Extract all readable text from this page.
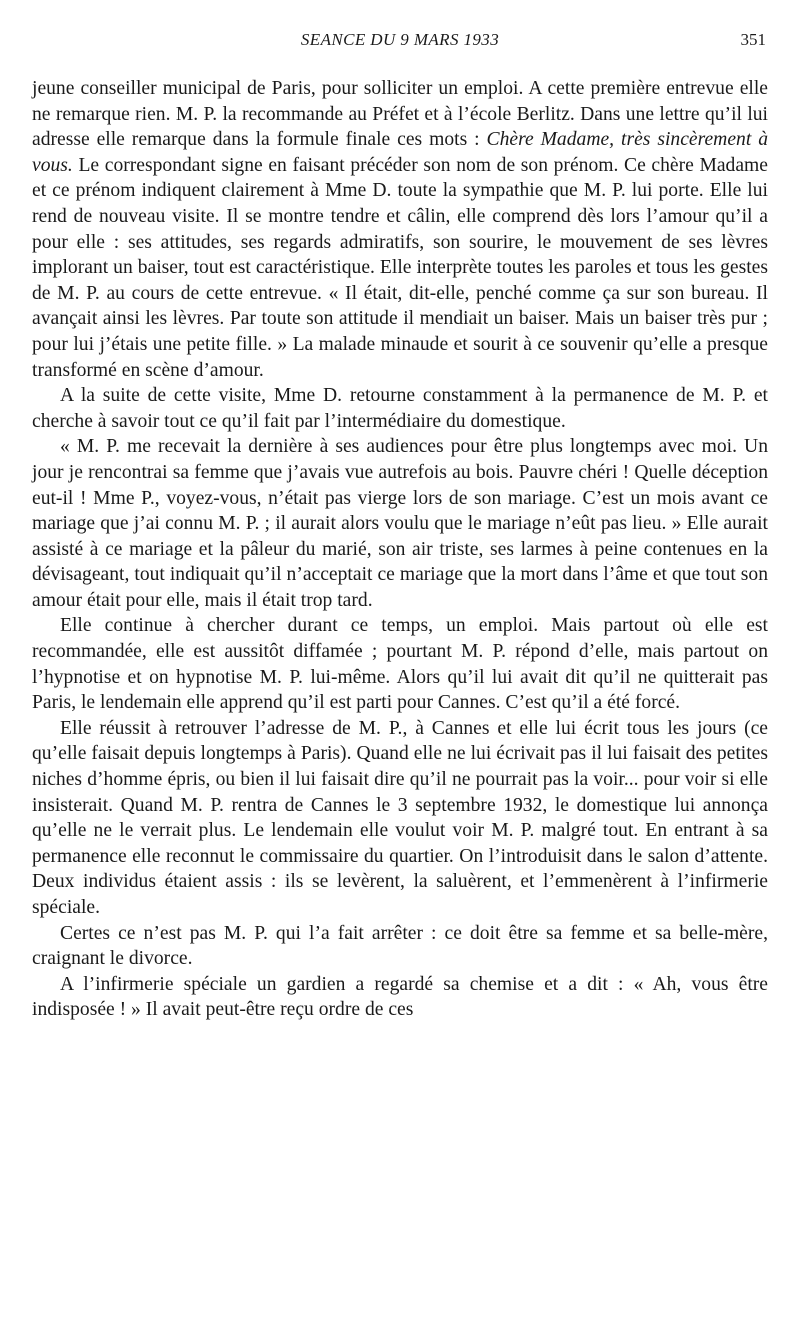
SEANCE DU 9 MARS 1933	351

jeune conseiller municipal de Paris, pour solliciter un emploi. A cette première entrevue elle ne remarque rien. M. P. la recommande au Préfet et à l’école Berlitz. Dans une lettre qu’il lui adresse elle remarque dans la formule finale ces mots : Chère Madame, très sincèrement à vous. Le correspondant signe en faisant précéder son nom de son prénom. Ce chère Madame et ce prénom indiquent clairement à Mme D. toute la sympathie que M. P. lui porte. Elle lui rend de nouveau visite. Il se montre tendre et câlin, elle comprend dès lors l’amour qu’il a pour elle : ses attitudes, ses regards admiratifs, son sourire, le mouvement de ses lèvres implorant un baiser, tout est caractéristique. Elle interprète toutes les paroles et tous les gestes de M. P. au cours de cette entrevue. « Il était, dit-elle, penché comme ça sur son bureau. Il avançait ainsi les lèvres. Par toute son attitude il mendiait un baiser. Mais un baiser très pur ; pour lui j’étais une petite fille. » La malade minaude et sourit à ce souvenir qu’elle a presque transformé en scène d’amour.

A la suite de cette visite, Mme D. retourne constamment à la permanence de M. P. et cherche à savoir tout ce qu’il fait par l’intermédiaire du domestique.

« M. P. me recevait la dernière à ses audiences pour être plus longtemps avec moi. Un jour je rencontrai sa femme que j’avais vue autrefois au bois. Pauvre chéri ! Quelle déception eut-il ! Mme P., voyez-vous, n’était pas vierge lors de son mariage. C’est un mois avant ce mariage que j’ai connu M. P. ; il aurait alors voulu que le mariage n’eût pas lieu. » Elle aurait assisté à ce mariage et la pâleur du marié, son air triste, ses larmes à peine contenues en la dévisageant, tout indiquait qu’il n’acceptait ce mariage que la mort dans l’âme et que tout son amour était pour elle, mais il était trop tard.

Elle continue à chercher durant ce temps, un emploi. Mais partout où elle est recommandée, elle est aussitôt diffamée ; pourtant M. P. répond d’elle, mais partout on l’hypnotise et on hypnotise M. P. lui-même. Alors qu’il lui avait dit qu’il ne quitterait pas Paris, le lendemain elle apprend qu’il est parti pour Cannes. C’est qu’il a été forcé.

Elle réussit à retrouver l’adresse de M. P., à Cannes et elle lui écrit tous les jours (ce qu’elle faisait depuis longtemps à Paris). Quand elle ne lui écrivait pas il lui faisait des petites niches d’homme épris, ou bien il lui faisait dire qu’il ne pourrait pas la voir... pour voir si elle insisterait. Quand M. P. rentra de Cannes le 3 septembre 1932, le domestique lui annonça qu’elle ne le verrait plus. Le lendemain elle voulut voir M. P. malgré tout. En entrant à sa permanence elle reconnut le commissaire du quartier. On l’introduisit dans le salon d’attente. Deux individus étaient assis : ils se levèrent, la saluèrent, et l’emmenèrent à l’infirmerie spéciale.

Certes ce n’est pas M. P. qui l’a fait arrêter : ce doit être sa femme et sa belle-mère, craignant le divorce.

A l’infirmerie spéciale un gardien a regardé sa chemise et a dit : « Ah, vous être indisposée ! » Il avait peut-être reçu ordre de ces
